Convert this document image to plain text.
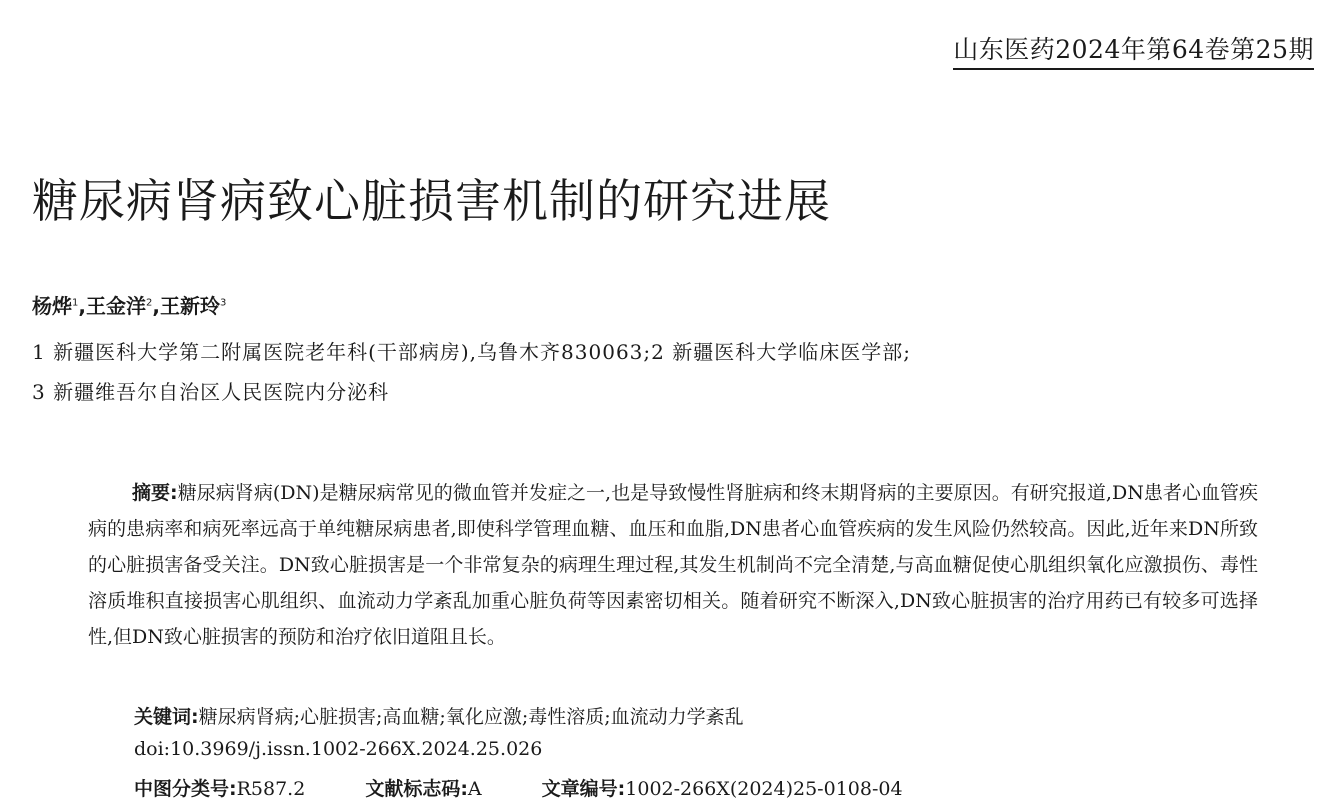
山东医药2024年第64卷第25期
糖尿病肾病致心脏损害机制的研究进展
杨烨$^1$,王金洋$^2$,王新玲$^3$
1 新疆医科大学第二附属医院老年科(干部病房),乌鲁木齐830063;2 新疆医科大学临床医学部;
3 新疆维吾尔自治区人民医院内分泌科
摘要:糖尿病肾病(DN)是糖尿病常见的微血管并发症之一,也是导致慢性肾脏病和终末期肾病的主要原因。有研究报道,DN患者心血管疾病的患病率和病死率远高于单纯糖尿病患者,即使科学管理血糖、血压和血脂,DN患者心血管疾病的发生风险仍然较高。因此,近年来DN所致的心脏损害备受关注。DN致心脏损害是一个非常复杂的病理生理过程,其发生机制尚不完全清楚,与高血糖促使心肌组织氧化应激损伤、毒性溶质堆积直接损害心肌组织、血流动力学紊乱加重心脏负荷等因素密切相关。随着研究不断深入,DN致心脏损害的治疗用药已有较多可选择性,但DN致心脏损害的预防和治疗依旧道阻且长。
关键词:糖尿病肾病;心脏损害;高血糖;氧化应激;毒性溶质;血流动力学紊乱
doi:10.3969/j.issn.1002-266X.2024.25.026
中图分类号:R587.2	文献标志码:A	文章编号:1002-266X(2024)25-0108-04
